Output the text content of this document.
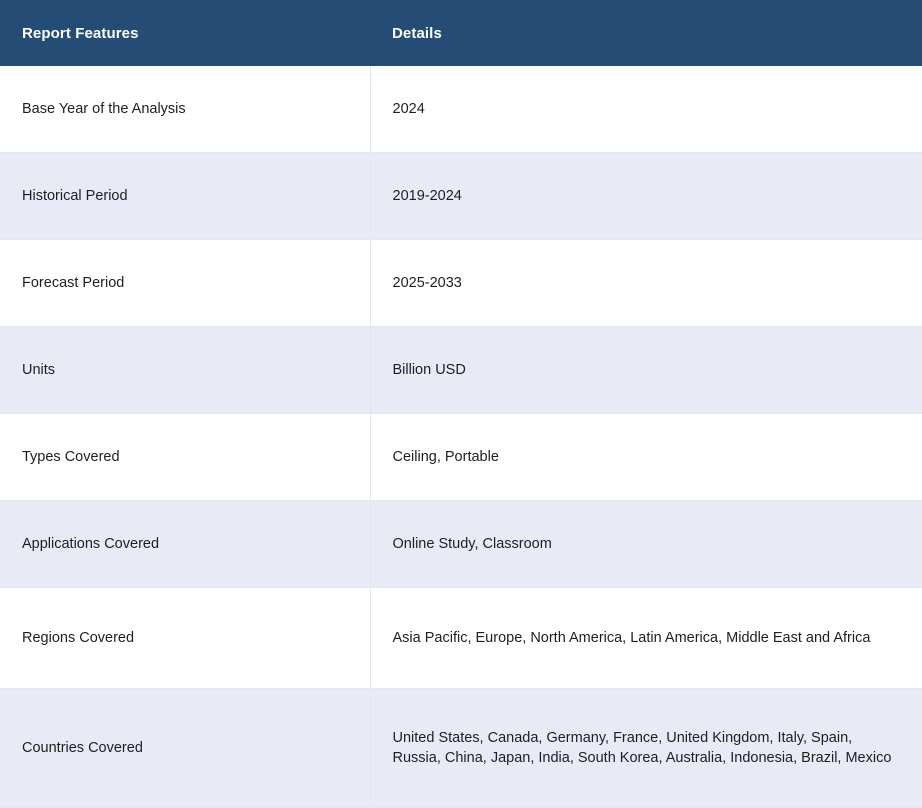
Report Features	Details
Base Year of the Analysis	2024
Historical Period	2019-2024
Forecast Period	2025-2033
Units	Billion USD
Types Covered	Ceiling, Portable
Applications Covered	Online Study, Classroom
Regions Covered	Asia Pacific, Europe, North America, Latin America, Middle East and Africa
Countries Covered	United States, Canada, Germany, France, United Kingdom, Italy, Spain, Russia, China, Japan, India, South Korea, Australia, Indonesia, Brazil, Mexico
